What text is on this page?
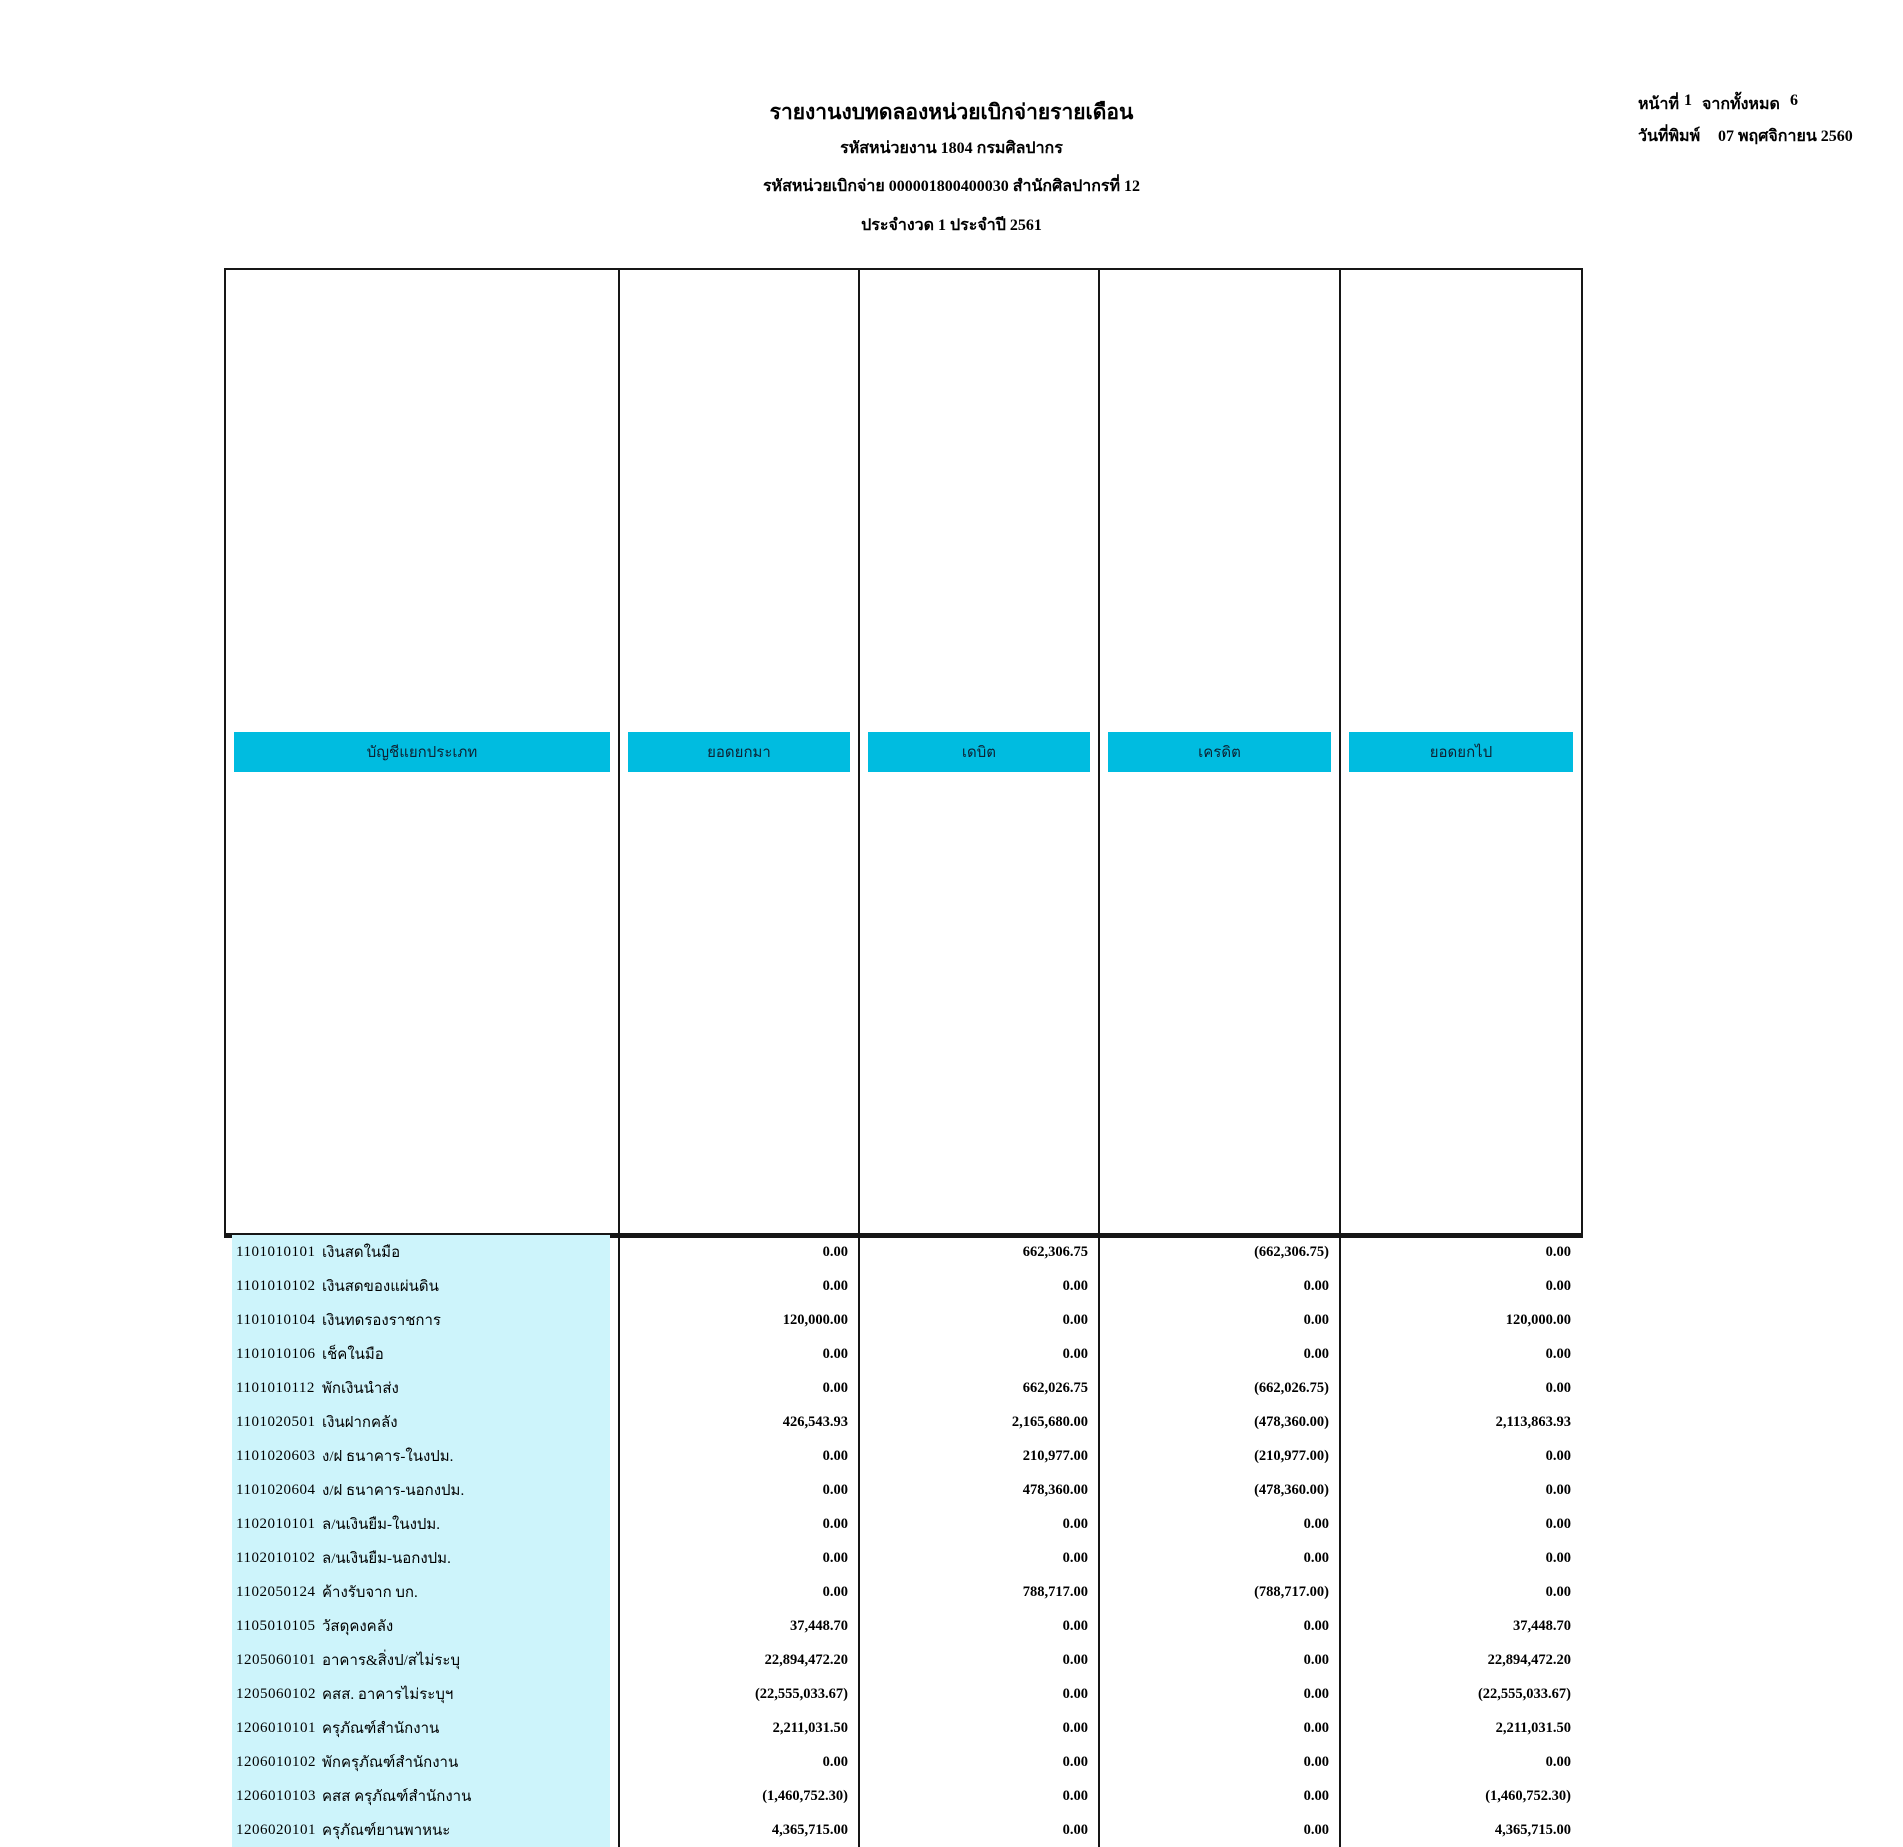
รายงานงบทดลองหน่วยเบิกจ่ายรายเดือน
รหัสหน่วยงาน 1804 กรมศิลปากร
รหัสหน่วยเบิกจ่าย 000001800400030 สำนักศิลปากรที่ 12
ประจำงวด 1 ประจำปี 2561
หน้าที่ 1 จากทั้งหมด 6
วันที่พิมพ์ 07 พฤศจิกายน 2560
บัญชีแยกประเภท	ยอดยกมา	เดบิต	เครดิต	ยอดยกไป
1101010101 เงินสดในมือ	0.00	662,306.75	(662,306.75)	0.00
1101010102 เงินสดของแผ่นดิน	0.00	0.00	0.00	0.00
1101010104 เงินทดรองราชการ	120,000.00	0.00	0.00	120,000.00
1101010106 เช็คในมือ	0.00	0.00	0.00	0.00
1101010112 พักเงินนำส่ง	0.00	662,026.75	(662,026.75)	0.00
1101020501 เงินฝากคลัง	426,543.93	2,165,680.00	(478,360.00)	2,113,863.93
1101020603 ง/ฝ ธนาคาร-ในงปม.	0.00	210,977.00	(210,977.00)	0.00
1101020604 ง/ฝ ธนาคาร-นอกงปม.	0.00	478,360.00	(478,360.00)	0.00
1102010101 ล/นเงินยืม-ในงปม.	0.00	0.00	0.00	0.00
1102010102 ล/นเงินยืม-นอกงปม.	0.00	0.00	0.00	0.00
1102050124 ค้างรับจาก บก.	0.00	788,717.00	(788,717.00)	0.00
1105010105 วัสดุคงคลัง	37,448.70	0.00	0.00	37,448.70
1205060101 อาคาร&สิ่งป/สไม่ระบุ	22,894,472.20	0.00	0.00	22,894,472.20
1205060102 คสส. อาคารไม่ระบุฯ	(22,555,033.67)	0.00	0.00	(22,555,033.67)
1206010101 ครุภัณฑ์สำนักงาน	2,211,031.50	0.00	0.00	2,211,031.50
1206010102 พักครุภัณฑ์สำนักงาน	0.00	0.00	0.00	0.00
1206010103 คสส ครุภัณฑ์สำนักงาน	(1,460,752.30)	0.00	0.00	(1,460,752.30)
1206020101 ครุภัณฑ์ยานพาหนะ	4,365,715.00	0.00	0.00	4,365,715.00
